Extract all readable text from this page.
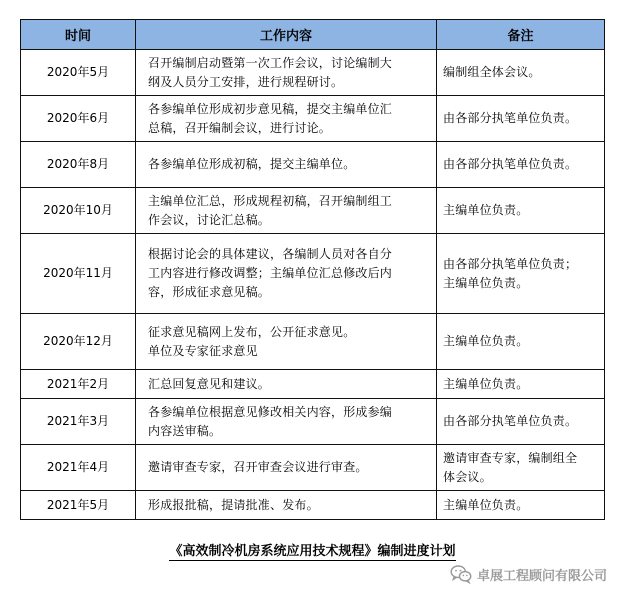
时间	工作内容	备注
2020年5月	召开编制启动暨第一次工作会议，讨论编制大
纲及人员分工安排，进行规程研讨。	编制组全体会议。

2020年6月	各参编单位形成初步意见稿，提交主编单位汇
总稿，召开编制会议，进行讨论。	由各部分执笔单位负责。

2020年8月	各参编单位形成初稿，提交主编单位。	由各部分执笔单位负责。

2020年10月	主编单位汇总，形成规程初稿，召开编制组工
作会议，讨论汇总稿。	主编单位负责。

2020年11月	根据讨论会的具体建议，各编制人员对各自分
工内容进行修改调整；主编单位汇总修改后内
容，形成征求意见稿。	由各部分执笔单位负责；
主编单位负责。

2020年12月	征求意见稿网上发布，公开征求意见。
单位及专家征求意见	主编单位负责。

2021年2月	汇总回复意见和建议。	主编单位负责。

2021年3月	各参编单位根据意见修改相关内容，形成参编
内容送审稿。	由各部分执笔单位负责。

2021年4月	邀请审查专家，召开审查会议进行审查。	邀请审查专家，编制组全
体会议。

2021年5月	形成报批稿，提请批准、发布。	主编单位负责。
《高效制冷机房系统应用技术规程》编制进度计划
卓展工程顾问有限公司
